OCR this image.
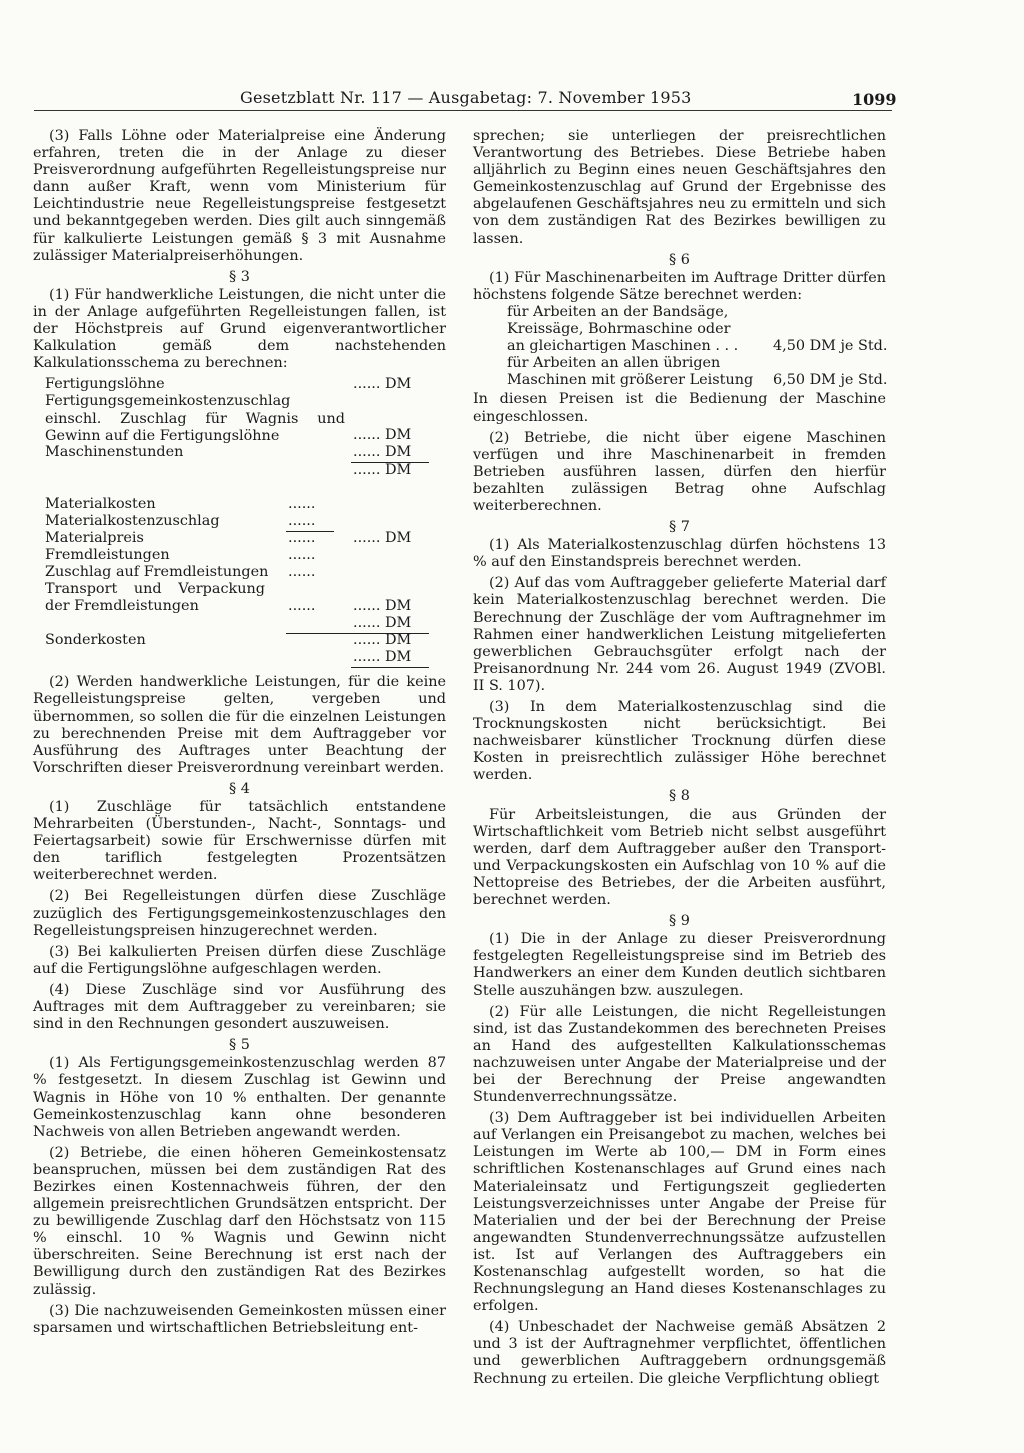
Gesetzblatt Nr. 117 — Ausgabetag: 7. November 1953	1099

(3) Falls Löhne oder Materialpreise eine Änderung erfahren, treten die in der Anlage zu dieser Preisverordnung aufgeführten Regelleistungspreise nur dann außer Kraft, wenn vom Ministerium für Leichtindustrie neue Regelleistungspreise festgesetzt und bekanntgegeben werden. Dies gilt auch sinngemäß für kalkulierte Leistungen gemäß § 3 mit Ausnahme zulässiger Materialpreiserhöhungen.

§ 3

(1) Für handwerkliche Leistungen, die nicht unter die in der Anlage aufgeführten Regelleistungen fallen, ist der Höchstpreis auf Grund eigenverantwortlicher Kalkulation gemäß dem nachstehenden Kalkulationsschema zu berechnen:

Fertigungslöhne	...... DM
Fertigungsgemeinkostenzuschlag einschl. Zuschlag für Wagnis und Gewinn auf die Fertigungslöhne	...... DM
Maschinenstunden	...... DM
...... DM
Materialkosten	......
Materialkostenzuschlag	......
Materialpreis	......	...... DM
Fremdleistungen	......
Zuschlag auf Fremdleistungen ......
Transport und Verpackung der Fremdleistungen	......	...... DM
...... DM
Sonderkosten	...... DM
...... DM

(2) Werden handwerkliche Leistungen, für die keine Regelleistungspreise gelten, vergeben und übernommen, so sollen die für die einzelnen Leistungen zu berechnenden Preise mit dem Auftraggeber vor Ausführung des Auftrages unter Beachtung der Vorschriften dieser Preisverordnung vereinbart werden.

§ 4

(1) Zuschläge für tatsächlich entstandene Mehrarbeiten (Überstunden-, Nacht-, Sonntags- und Feiertagsarbeit) sowie für Erschwernisse dürfen mit den tariflich festgelegten Prozentsätzen weiterberechnet werden.

(2) Bei Regelleistungen dürfen diese Zuschläge zuzüglich des Fertigungsgemeinkostenzuschlages den Regelleistungspreisen hinzugerechnet werden.

(3) Bei kalkulierten Preisen dürfen diese Zuschläge auf die Fertigungslöhne aufgeschlagen werden.

(4) Diese Zuschläge sind vor Ausführung des Auftrages mit dem Auftraggeber zu vereinbaren; sie sind in den Rechnungen gesondert auszuweisen.

§ 5

(1) Als Fertigungsgemeinkostenzuschlag werden 87 % festgesetzt. In diesem Zuschlag ist Gewinn und Wagnis in Höhe von 10 % enthalten. Der genannte Gemeinkostenzuschlag kann ohne besonderen Nachweis von allen Betrieben angewandt werden.

(2) Betriebe, die einen höheren Gemeinkostensatz beanspruchen, müssen bei dem zuständigen Rat des Bezirkes einen Kostennachweis führen, der den allgemein preisrechtlichen Grundsätzen entspricht. Der zu bewilligende Zuschlag darf den Höchstsatz von 115 % einschl. 10 % Wagnis und Gewinn nicht überschreiten. Seine Berechnung ist erst nach der Bewilligung durch den zuständigen Rat des Bezirkes zulässig.

(3) Die nachzuweisenden Gemeinkosten müssen einer sparsamen und wirtschaftlichen Betriebsleitung ent-

sprechen; sie unterliegen der preisrechtlichen Verantwortung des Betriebes. Diese Betriebe haben alljährlich zu Beginn eines neuen Geschäftsjahres den Gemeinkostenzuschlag auf Grund der Ergebnisse des abgelaufenen Geschäftsjahres neu zu ermitteln und sich von dem zuständigen Rat des Bezirkes bewilligen zu lassen.

§ 6

(1) Für Maschinenarbeiten im Auftrage Dritter dürfen höchstens folgende Sätze berechnet werden:

für Arbeiten an der Bandsäge,
Kreissäge, Bohrmaschine oder
an gleichartigen Maschinen . . . 4,50 DM je Std.
für Arbeiten an allen übrigen
Maschinen mit größerer Leistung 6,50 DM je Std.

In diesen Preisen ist die Bedienung der Maschine eingeschlossen.

(2) Betriebe, die nicht über eigene Maschinen verfügen und ihre Maschinenarbeit in fremden Betrieben ausführen lassen, dürfen den hierfür bezahlten zulässigen Betrag ohne Aufschlag weiterberechnen.

§ 7

(1) Als Materialkostenzuschlag dürfen höchstens 13 % auf den Einstandspreis berechnet werden.

(2) Auf das vom Auftraggeber gelieferte Material darf kein Materialkostenzuschlag berechnet werden. Die Berechnung der Zuschläge der vom Auftragnehmer im Rahmen einer handwerklichen Leistung mitgelieferten gewerblichen Gebrauchsgüter erfolgt nach der Preisanordnung Nr. 244 vom 26. August 1949 (ZVOBl. II S. 107).

(3) In dem Materialkostenzuschlag sind die Trocknungskosten nicht berücksichtigt. Bei nachweisbarer künstlicher Trocknung dürfen diese Kosten in preisrechtlich zulässiger Höhe berechnet werden.

§ 8

Für Arbeitsleistungen, die aus Gründen der Wirtschaftlichkeit vom Betrieb nicht selbst ausgeführt werden, darf dem Auftraggeber außer den Transport- und Verpackungskosten ein Aufschlag von 10 % auf die Nettopreise des Betriebes, der die Arbeiten ausführt, berechnet werden.

§ 9

(1) Die in der Anlage zu dieser Preisverordnung festgelegten Regelleistungspreise sind im Betrieb des Handwerkers an einer dem Kunden deutlich sichtbaren Stelle auszuhängen bzw. auszulegen.

(2) Für alle Leistungen, die nicht Regelleistungen sind, ist das Zustandekommen des berechneten Preises an Hand des aufgestellten Kalkulationsschemas nachzuweisen unter Angabe der Materialpreise und der bei der Berechnung der Preise angewandten Stundenverrechnungssätze.

(3) Dem Auftraggeber ist bei individuellen Arbeiten auf Verlangen ein Preisangebot zu machen, welches bei Leistungen im Werte ab 100,— DM in Form eines schriftlichen Kostenanschlages auf Grund eines nach Materialeinsatz und Fertigungszeit gegliederten Leistungsverzeichnisses unter Angabe der Preise für Materialien und der bei der Berechnung der Preise angewandten Stundenverrechnungssätze aufzustellen ist. Ist auf Verlangen des Auftraggebers ein Kostenanschlag aufgestellt worden, so hat die Rechnungslegung an Hand dieses Kostenanschlages zu erfolgen.

(4) Unbeschadet der Nachweise gemäß Absätzen 2 und 3 ist der Auftragnehmer verpflichtet, öffentlichen und gewerblichen Auftraggebern ordnungsgemäß Rechnung zu erteilen. Die gleiche Verpflichtung obliegt
